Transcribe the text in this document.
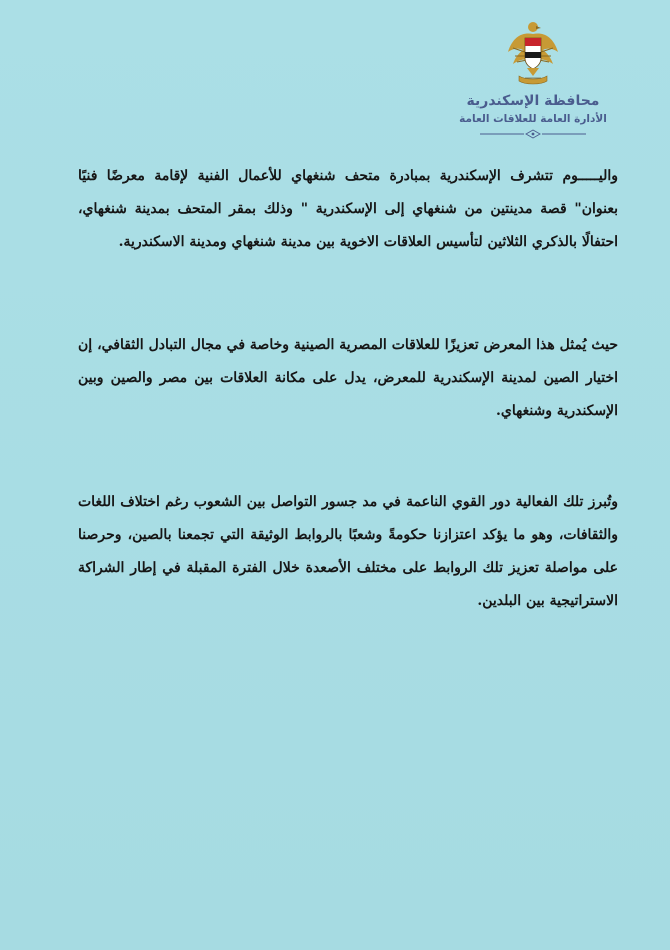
محافظة الإسكندرية

الأدارة العامة للعلاقات العامة

واليـــــوم تتشرف الإسكندرية بمبادرة متحف شنغهاي للأعمال الفنية لإقامة معرضًا فنيًا بعنوان" قصة مدينتين من شنغهاي إلى الإسكندرية " وذلك بمقر المتحف بمدينة شنغهاي، احتفالًا بالذكري الثلاثين لتأسيس العلاقات الاخوية بين مدينة شنغهاي ومدينة الاسكندرية.

حيث يُمثل هذا المعرض تعزيزًا للعلاقات المصرية الصينية وخاصة في مجال التبادل الثقافي، إن اختيار الصين لمدينة الإسكندرية للمعرض، يدل على مكانة العلاقات بين مصر والصين وبين الإسكندرية وشنغهاي.

وتُبرز تلك الفعالية دور القوي الناعمة في مد جسور التواصل بين الشعوب رغم اختلاف اللغات والثقافات، وهو ما يؤكد اعتزازنا حكومةً وشعبًا بالروابط الوثيقة التي تجمعنا بالصين، وحرصنا على مواصلة تعزيز تلك الروابط على مختلف الأصعدة خلال الفترة المقبلة في إطار الشراكة الاستراتيجية بين البلدين.
